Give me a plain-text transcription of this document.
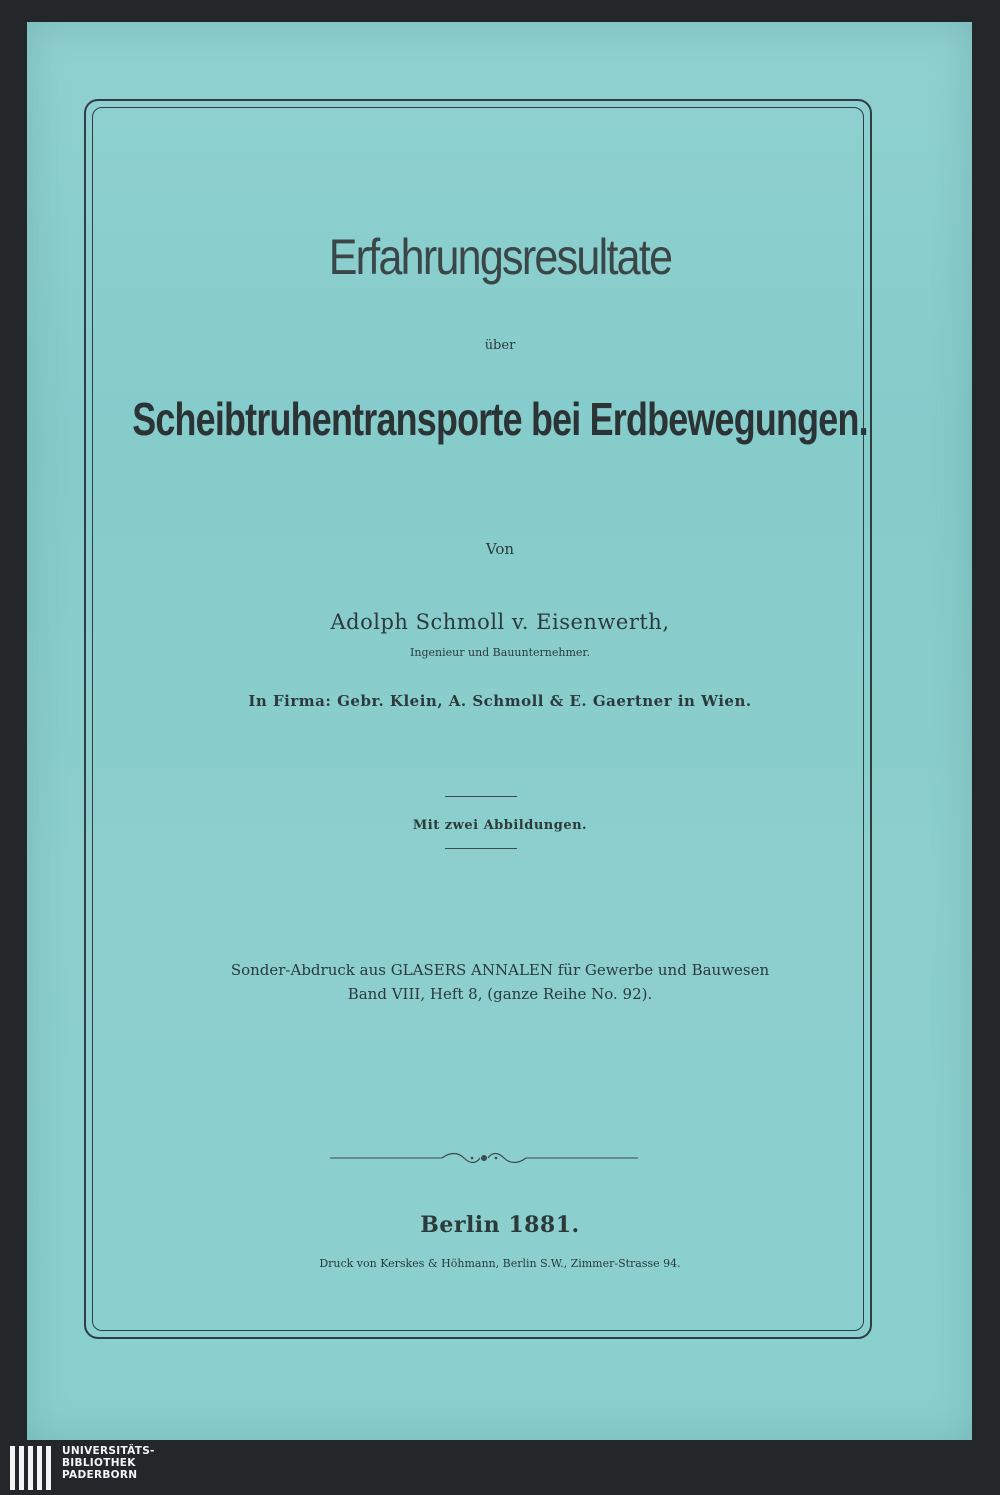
Erfahrungsresultate
über
Scheibtruhentransporte bei Erdbewegungen.
Von
Adolph Schmoll v. Eisenwerth,
Ingenieur und Bauunternehmer.
In Firma: Gebr. Klein, A. Schmoll & E. Gaertner in Wien.
Mit zwei Abbildungen.
Sonder-Abdruck aus GLASERS ANNALEN für Gewerbe und Bauwesen
Band VIII, Heft 8, (ganze Reihe No. 92).
Berlin 1881.
Druck von Kerskes & Höhmann, Berlin S.W., Zimmer-Strasse 94.
UNIVERSITÄTS-
BIBLIOTHEK
PADERBORN
